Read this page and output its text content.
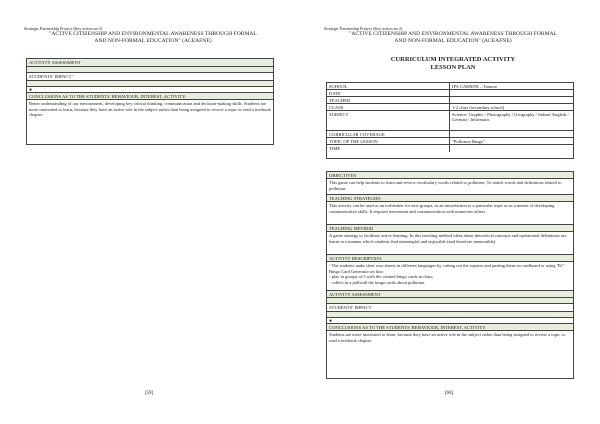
Strategic Partnership Project (Key action no 2)
"ACTIVE CITIZENSHIP AND ENVIRONMENTAL AWARENESS THROUGH FORMAL
AND NON-FORMAL EDUCATION" (ACEAFNE)
ACTIVITY ASSESSMENT
STUDENTS' IMPACT "
●
CONCLUSIONS AS TO THE STUDENTS' BEHAVIOUR, INTEREST, ACTIVITY:
Better understanding of our environment, developing key critical thinking, communication and decision-making skills. Students are more motivated to learn, because they have an active role in the subject rather than being assigned to review a topic or read a textbook chapter.
[59]
Strategic Partnership Project (Key action no 2)
"ACTIVE CITIZENSHIP AND ENVIRONMENTAL AWARENESS THROUGH FORMAL
AND NON-FORMAL EDUCATION" (ACEAFNE)
CURRICULUM INTEGRATED ACTIVITY
LESSON PLAN
SCHOOL	IPS CABRINI – Taranto
DATE
TEACHER
CLASS	1-2 class (secondary school)
SUBJECT	Science/ Graphic / Photography / Geography / Italian/ English / German / Informatic
CURRICULAR COVERAGE
TOPIC OF THE LESSON	"Pollution Bingo"
TIME
OBJECTIVES
This game can help students to learn and review vocabulary words related to pollution; To match words and definitions related to pollution.
TEACHING STRATEGIES
This activity can be used as an icebreaker for new groups, as an introduction to a particular topic or as a means of developing communicative skills. It requires movement and communication with numerous others.
TEACHING METHOD
A game strategy to facilitate active learning. In this teaching method ideas about theoretical concepts and operational definitions are learnt in a manner which students find meaningful and enjoyable (and therefore memorable).
ACTIVITY DESCRIPTION
- The students make their own sheets in different languages by cutting out the squares and pasting them on cardboard or using 'EC' Bingo Card Generator on line;
- play in groups of 5 with the created bingo cards in class;
- collect in a pollicall the bingo cards about pollution.
ACTIVITY ASSESSMENT
STUDENTS' IMPACT
●
CONCLUSIONS AS TO THE STUDENTS' BEHAVIOUR, INTEREST, ACTIVITY:
Students are more motivated to learn, because they have an active role in the subject rather than being assigned to review a topic or read a textbook chapter.
[60]
